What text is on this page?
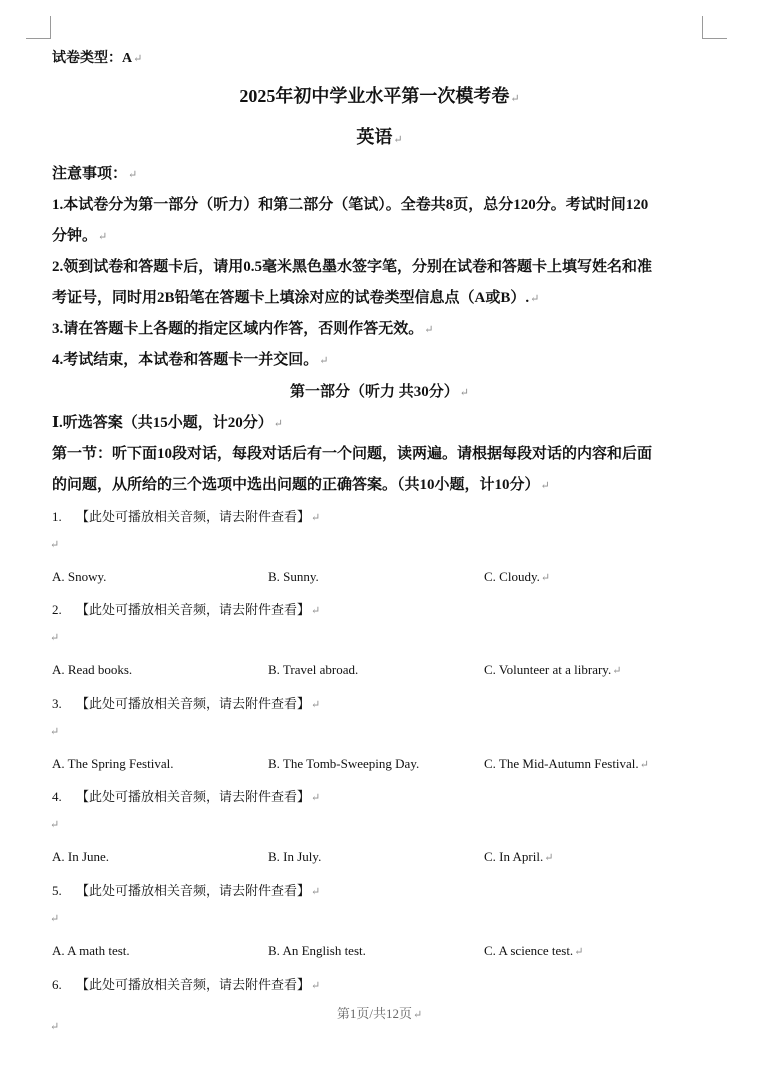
试卷类型：A↵
2025年初中学业水平第一次模考卷↵
英语↵
注意事项：↵
1.本试卷分为第一部分（听力）和第二部分（笔试）。全卷共8页，总分120分。考试时间120
分钟。↵
2.领到试卷和答题卡后，请用0.5毫米黑色墨水签字笔，分别在试卷和答题卡上填写姓名和准
考证号，同时用2B铅笔在答题卡上填涂对应的试卷类型信息点（A或B）.↵
3.请在答题卡上各题的指定区域内作答，否则作答无效。↵
4.考试结束，本试卷和答题卡一并交回。↵
第一部分（听力 共30分）↵
Ⅰ.听选答案（共15小题，计20分）↵
第一节：听下面10段对话，每段对话后有一个问题，读两遍。请根据每段对话的内容和后面
的问题，从所给的三个选项中选出问题的正确答案。（共10小题，计10分）↵
1. 【此处可播放相关音频，请去附件查看】↵
↵
A. Snowy.	B. Sunny.	C. Cloudy.↵
2. 【此处可播放相关音频，请去附件查看】↵
↵
A. Read books.	B. Travel abroad.	C. Volunteer at a library.↵
3. 【此处可播放相关音频，请去附件查看】↵
↵
A. The Spring Festival.	B. The Tomb-Sweeping Day.	C. The Mid-Autumn Festival.↵
4. 【此处可播放相关音频，请去附件查看】↵
↵
A. In June.	B. In July.	C. In April.↵
5. 【此处可播放相关音频，请去附件查看】↵
↵
A. A math test.	B. An English test.	C. A science test.↵
6. 【此处可播放相关音频，请去附件查看】↵
第1页/共12页↵
↵
